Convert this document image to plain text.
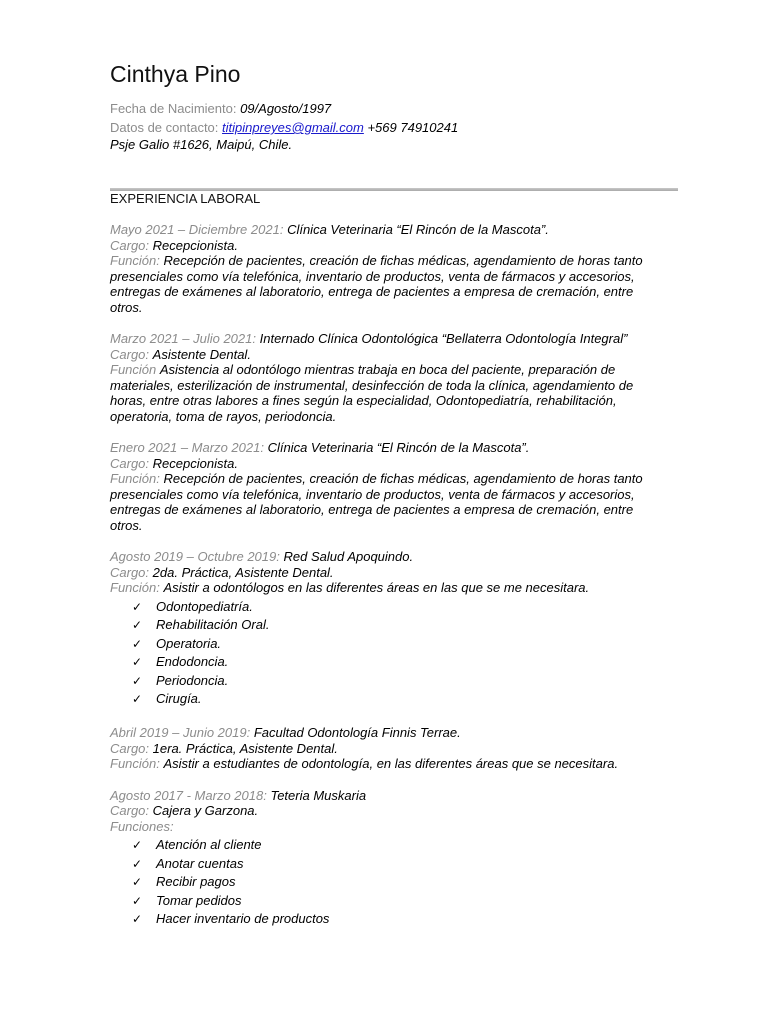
Cinthya Pino
Fecha de Nacimiento: 09/Agosto/1997
Datos de contacto: titipinpreyes@gmail.com +569 74910241
Psje Galio #1626, Maipú, Chile.
EXPERIENCIA LABORAL

Mayo 2021 – Diciembre 2021: Clínica Veterinaria “El Rincón de la Mascota”.

Cargo: Recepcionista.

Función: Recepción de pacientes, creación de fichas médicas, agendamiento de horas tanto presenciales como vía telefónica, inventario de productos, venta de fármacos y accesorios, entregas de exámenes al laboratorio, entrega de pacientes a empresa de cremación, entre otros.

Marzo 2021 – Julio 2021: Internado Clínica Odontológica “Bellaterra Odontología Integral”

Cargo: Asistente Dental.

Función Asistencia al odontólogo mientras trabaja en boca del paciente, preparación de materiales, esterilización de instrumental, desinfección de toda la clínica, agendamiento de horas, entre otras labores a fines según la especialidad, Odontopediatría, rehabilitación, operatoria, toma de rayos, periodoncia.

Enero 2021 – Marzo 2021: Clínica Veterinaria “El Rincón de la Mascota”.

Cargo: Recepcionista.

Función: Recepción de pacientes, creación de fichas médicas, agendamiento de horas tanto presenciales como vía telefónica, inventario de productos, venta de fármacos y accesorios, entregas de exámenes al laboratorio, entrega de pacientes a empresa de cremación, entre otros.

Agosto 2019 – Octubre 2019: Red Salud Apoquindo.

Cargo: 2da. Práctica, Asistente Dental.

Función: Asistir a odontólogos en las diferentes áreas en las que se me necesitara.

✓ Odontopediatría.
✓ Rehabilitación Oral.
✓ Operatoria.
✓ Endodoncia.
✓ Periodoncia.
✓ Cirugía.

Abril 2019 – Junio 2019: Facultad Odontología Finnis Terrae.

Cargo: 1era. Práctica, Asistente Dental.

Función: Asistir a estudiantes de odontología, en las diferentes áreas que se necesitara.

Agosto 2017 - Marzo 2018: Teteria Muskaria

Cargo: Cajera y Garzona.

Funciones:

✓ Atención al cliente
✓ Anotar cuentas
✓ Recibir pagos
✓ Tomar pedidos
✓ Hacer inventario de productos
